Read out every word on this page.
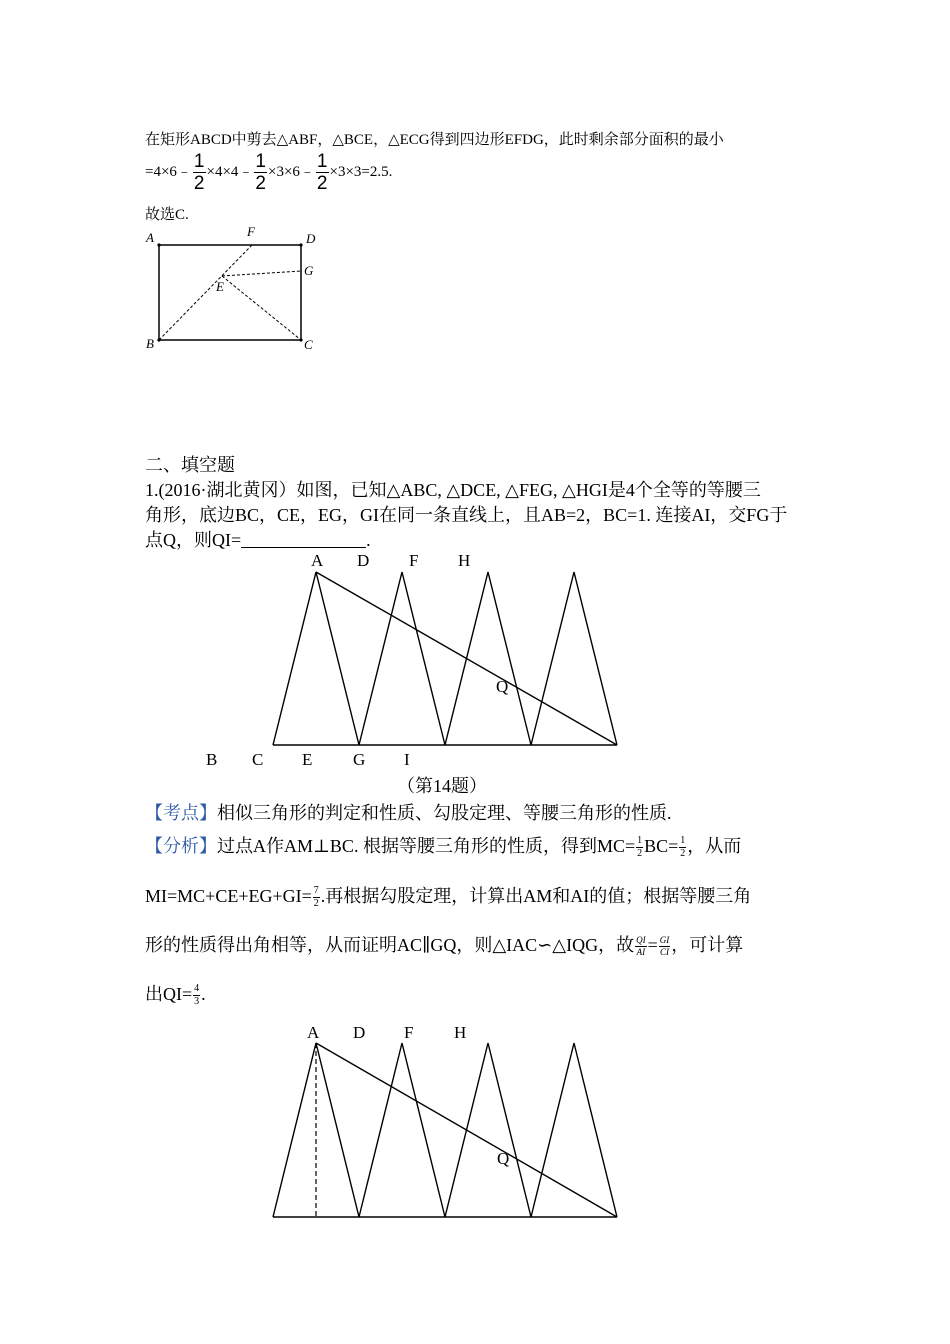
在矩形ABCD中剪去△ABF，△BCE，△ECG得到四边形EFDG，此时剩余部分面积的最小
=4×6﹣ $\frac{1}{2}$ ×4×4﹣ $\frac{1}{2}$ ×3×6﹣ $\frac{1}{2} \times 3\times 3=2.5$.
故选C.
A	F	D
G
E
B	C
二、填空题
1.(2016·湖北黄冈）如图，已知△ABC, △DCE, △FEG, △HGI是4个全等的等腰三
角形，底边BC，CE，EG，GI在同一条直线上，且AB=2，BC=1. 连接AI，交FG于
点Q，则QI=	.
A D F H
Q
B C E G I
（第14题）
【考点】相似三角形的判定和性质、勾股定理、等腰三角形的性质.
【分析】过点A作AM⊥BC. 根据等腰三角形的性质，得到$MC= \frac{1}{2} BC= \frac{1}{2}$ ，从而
$MI=MC+CE+EG+GI= \frac{7}{2}$ .再根据勾股定理，计算出AM和AI的值；根据等腰三角
形的性质得出角相等，从而证明AC∥GQ，则△IAC∽△IQG，故 $\frac{QI}{AI} = \frac{GI}{CI}$ ，可计算
出$QI= \frac{4}{3}$ .
A D F H
Q
